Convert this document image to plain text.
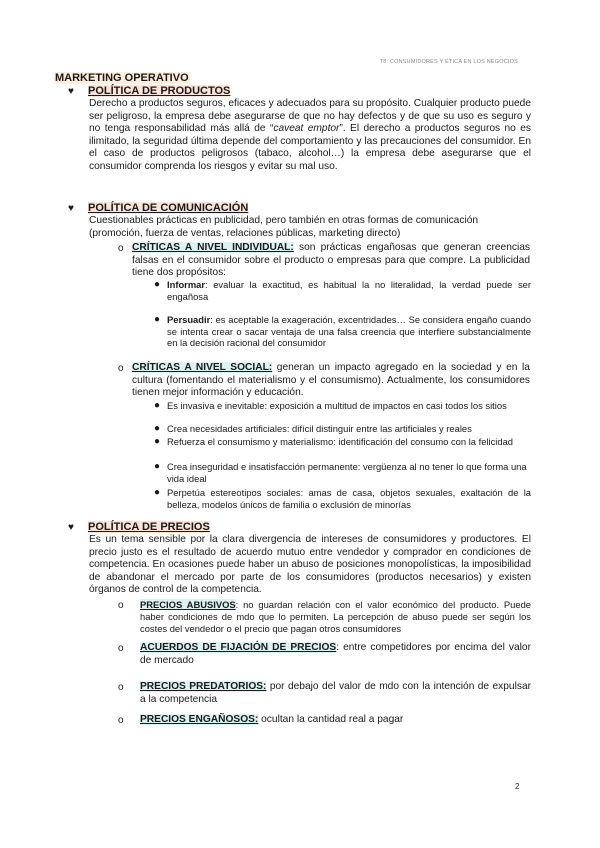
T8: CONSUMIDORES Y ÉTICA EN LOS NEGOCIOS
MARKETING OPERATIVO
♥ POLÍTICA DE PRODUCTOS
Derecho a productos seguros, eficaces y adecuados para su propósito. Cualquier producto puede ser peligroso, la empresa debe asegurarse de que no hay defectos y de que su uso es seguro y no tenga responsabilidad más allá de “caveat emptor”. El derecho a productos seguros no es ilimitado, la seguridad última depende del comportamiento y las precauciones del consumidor. En el caso de productos peligrosos (tabaco, alcohol…) la empresa debe asegurarse que el consumidor comprenda los riesgos y evitar su mal uso.
♥ POLÍTICA DE COMUNICACIÓN
Cuestionables prácticas en publicidad, pero también en otras formas de comunicación (promoción, fuerza de ventas, relaciones públicas, marketing directo)
o CRÍTICAS A NIVEL INDIVIDUAL: son prácticas engañosas que generan creencias falsas en el consumidor sobre el producto o empresas para que compre. La publicidad tiene dos propósitos:
● Informar: evaluar la exactitud, es habitual la no literalidad, la verdad puede ser engañosa
● Persuadir: es aceptable la exageración, excentridades… Se considera engaño cuando se intenta crear o sacar ventaja de una falsa creencia que interfiere substancialmente en la decisión racional del consumidor
o CRÍTICAS A NIVEL SOCIAL: generan un impacto agregado en la sociedad y en la cultura (fomentando el materialismo y el consumismo). Actualmente, los consumidores tienen mejor información y educación.
● Es invasiva e inevitable: exposición a multitud de impactos en casi todos los sitios
● Crea necesidades artificiales: difícil distinguir entre las artificiales y reales
● Refuerza el consumismo y materialismo: identificación del consumo con la felicidad
● Crea inseguridad e insatisfacción permanente: vergüenza al no tener lo que forma una vida ideal
● Perpetúa estereotipos sociales: amas de casa, objetos sexuales, exaltación de la belleza, modelos únicos de familia o exclusión de minorías
♥ POLÍTICA DE PRECIOS
Es un tema sensible por la clara divergencia de intereses de consumidores y productores. El precio justo es el resultado de acuerdo mutuo entre vendedor y comprador en condiciones de competencia. En ocasiones puede haber un abuso de posiciones monopolísticas, la imposibilidad de abandonar el mercado por parte de los consumidores (productos necesarios) y existen órganos de control de la competencia.
o PRECIOS ABUSIVOS: no guardan relación con el valor económico del producto. Puede haber condiciones de mdo que lo permiten. La percepción de abuso puede ser según los costes del vendedor o el precio que pagan otros consumidores
o ACUERDOS DE FIJACIÓN DE PRECIOS: entre competidores por encima del valor de mercado
o PRECIOS PREDATORIOS: por debajo del valor de mdo con la intención de expulsar a la competencia
o PRECIOS ENGAÑOSOS: ocultan la cantidad real a pagar
2
